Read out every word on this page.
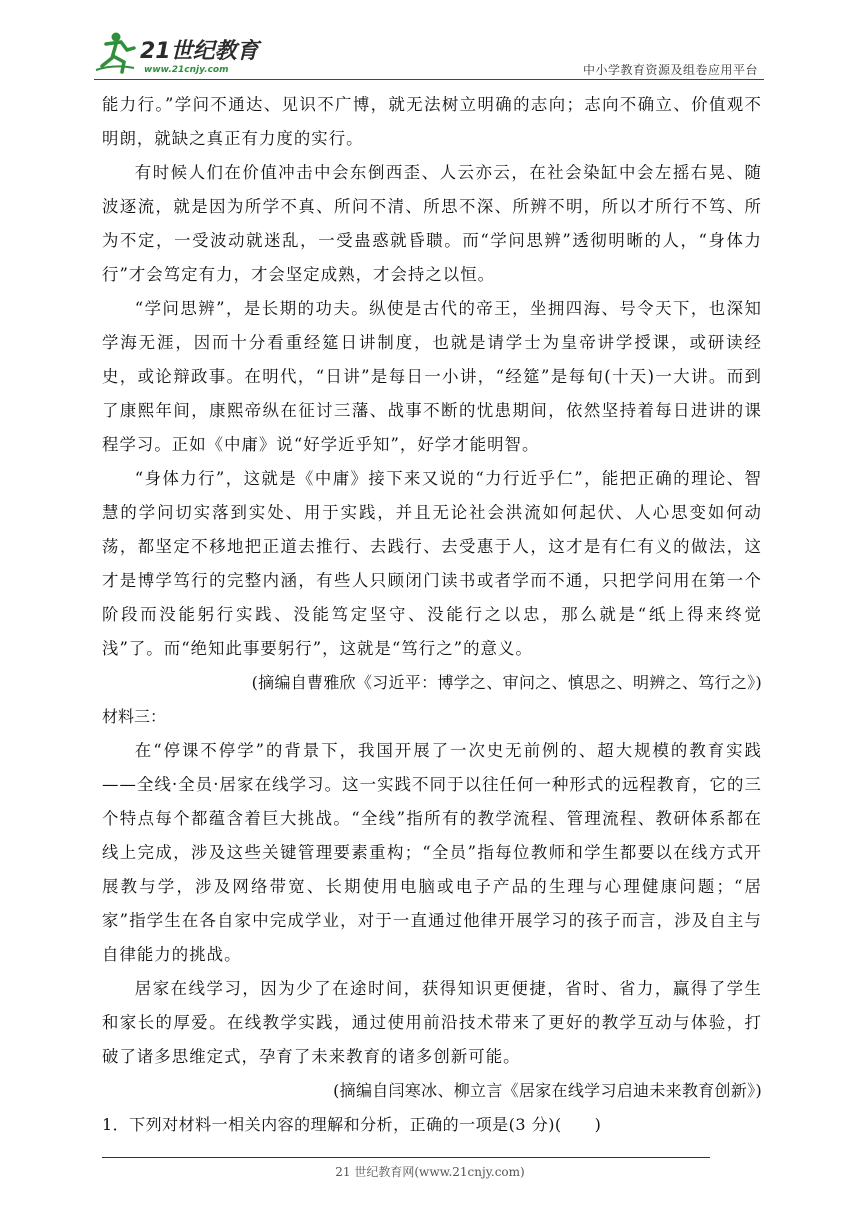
21世纪教育
www.21cnjy.com	中小学教育资源及组卷应用平台

能力行。”学问不通达、见识不广博，就无法树立明确的志向；志向不确立、价值观不明朗，就缺之真正有力度的实行。

有时候人们在价值冲击中会东倒西歪、人云亦云，在社会染缸中会左摇右晃、随波逐流，就是因为所学不真、所问不清、所思不深、所辨不明，所以才所行不笃、所为不定，一受波动就迷乱，一受蛊惑就昏聩。而“学问思辨”透彻明晰的人，“身体力行”才会笃定有力，才会坚定成熟，才会持之以恒。

“学问思辨”，是长期的功夫。纵使是古代的帝王，坐拥四海、号令天下，也深知学海无涯，因而十分看重经筵日讲制度，也就是请学士为皇帝讲学授课，或研读经史，或论辩政事。在明代，“日讲”是每日一小讲，“经筵”是每旬(十天)一大讲。而到了康熙年间，康熙帝纵在征讨三藩、战事不断的忧患期间，依然坚持着每日进讲的课程学习。正如《中庸》说“好学近乎知”，好学才能明智。

“身体力行”，这就是《中庸》接下来又说的“力行近乎仁”，能把正确的理论、智慧的学问切实落到实处、用于实践，并且无论社会洪流如何起伏、人心思变如何动荡，都坚定不移地把正道去推行、去践行、去受惠于人，这才是有仁有义的做法，这才是博学笃行的完整内涵，有些人只顾闭门读书或者学而不通，只把学问用在第一个阶段而没能躬行实践、没能笃定坚守、没能行之以忠，那么就是“纸上得来终觉浅”了。而“绝知此事要躬行”，这就是“笃行之”的意义。

(摘编自曹雅欣《习近平：博学之、审问之、慎思之、明辨之、笃行之》)

材料三：

在“停课不停学”的背景下，我国开展了一次史无前例的、超大规模的教育实践——全线·全员·居家在线学习。这一实践不同于以往任何一种形式的远程教育，它的三个特点每个都蕴含着巨大挑战。“全线”指所有的教学流程、管理流程、教研体系都在线上完成，涉及这些关键管理要素重构；“全员”指每位教师和学生都要以在线方式开展教与学，涉及网络带宽、长期使用电脑或电子产品的生理与心理健康问题；“居家”指学生在各自家中完成学业，对于一直通过他律开展学习的孩子而言，涉及自主与自律能力的挑战。

居家在线学习，因为少了在途时间，获得知识更便捷，省时、省力，赢得了学生和家长的厚爱。在线教学实践，通过使用前沿技术带来了更好的教学互动与体验，打破了诸多思维定式，孕育了未来教育的诸多创新可能。

(摘编自闫寒冰、柳立言《居家在线学习启迪未来教育创新》)

1．下列对材料一相关内容的理解和分析，正确的一项是(3 分)(　　)

21 世纪教育网(www.21cnjy.com)
